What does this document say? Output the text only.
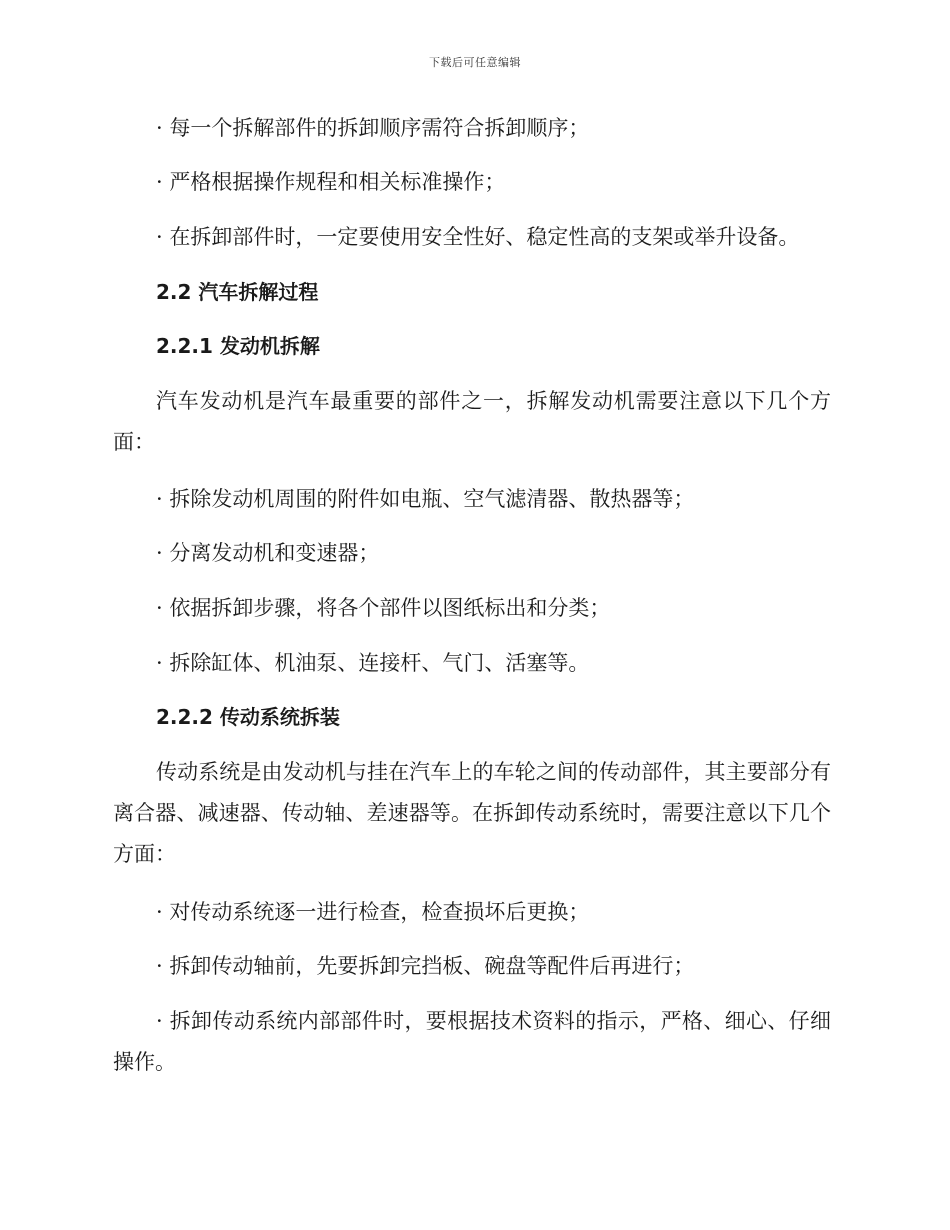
下载后可任意编辑
· 每一个拆解部件的拆卸顺序需符合拆卸顺序；
· 严格根据操作规程和相关标准操作；
· 在拆卸部件时，一定要使用安全性好、稳定性高的支架或举升设备。
2.2 汽车拆解过程
2.2.1 发动机拆解
汽车发动机是汽车最重要的部件之一，拆解发动机需要注意以下几个方面：
· 拆除发动机周围的附件如电瓶、空气滤清器、散热器等；
· 分离发动机和变速器；
· 依据拆卸步骤，将各个部件以图纸标出和分类；
· 拆除缸体、机油泵、连接杆、气门、活塞等。
2.2.2 传动系统拆装
传动系统是由发动机与挂在汽车上的车轮之间的传动部件，其主要部分有离合器、减速器、传动轴、差速器等。在拆卸传动系统时，需要注意以下几个方面：
· 对传动系统逐一进行检查，检查损坏后更换；
· 拆卸传动轴前，先要拆卸完挡板、碗盘等配件后再进行；
· 拆卸传动系统内部部件时，要根据技术资料的指示，严格、细心、仔细操作。
